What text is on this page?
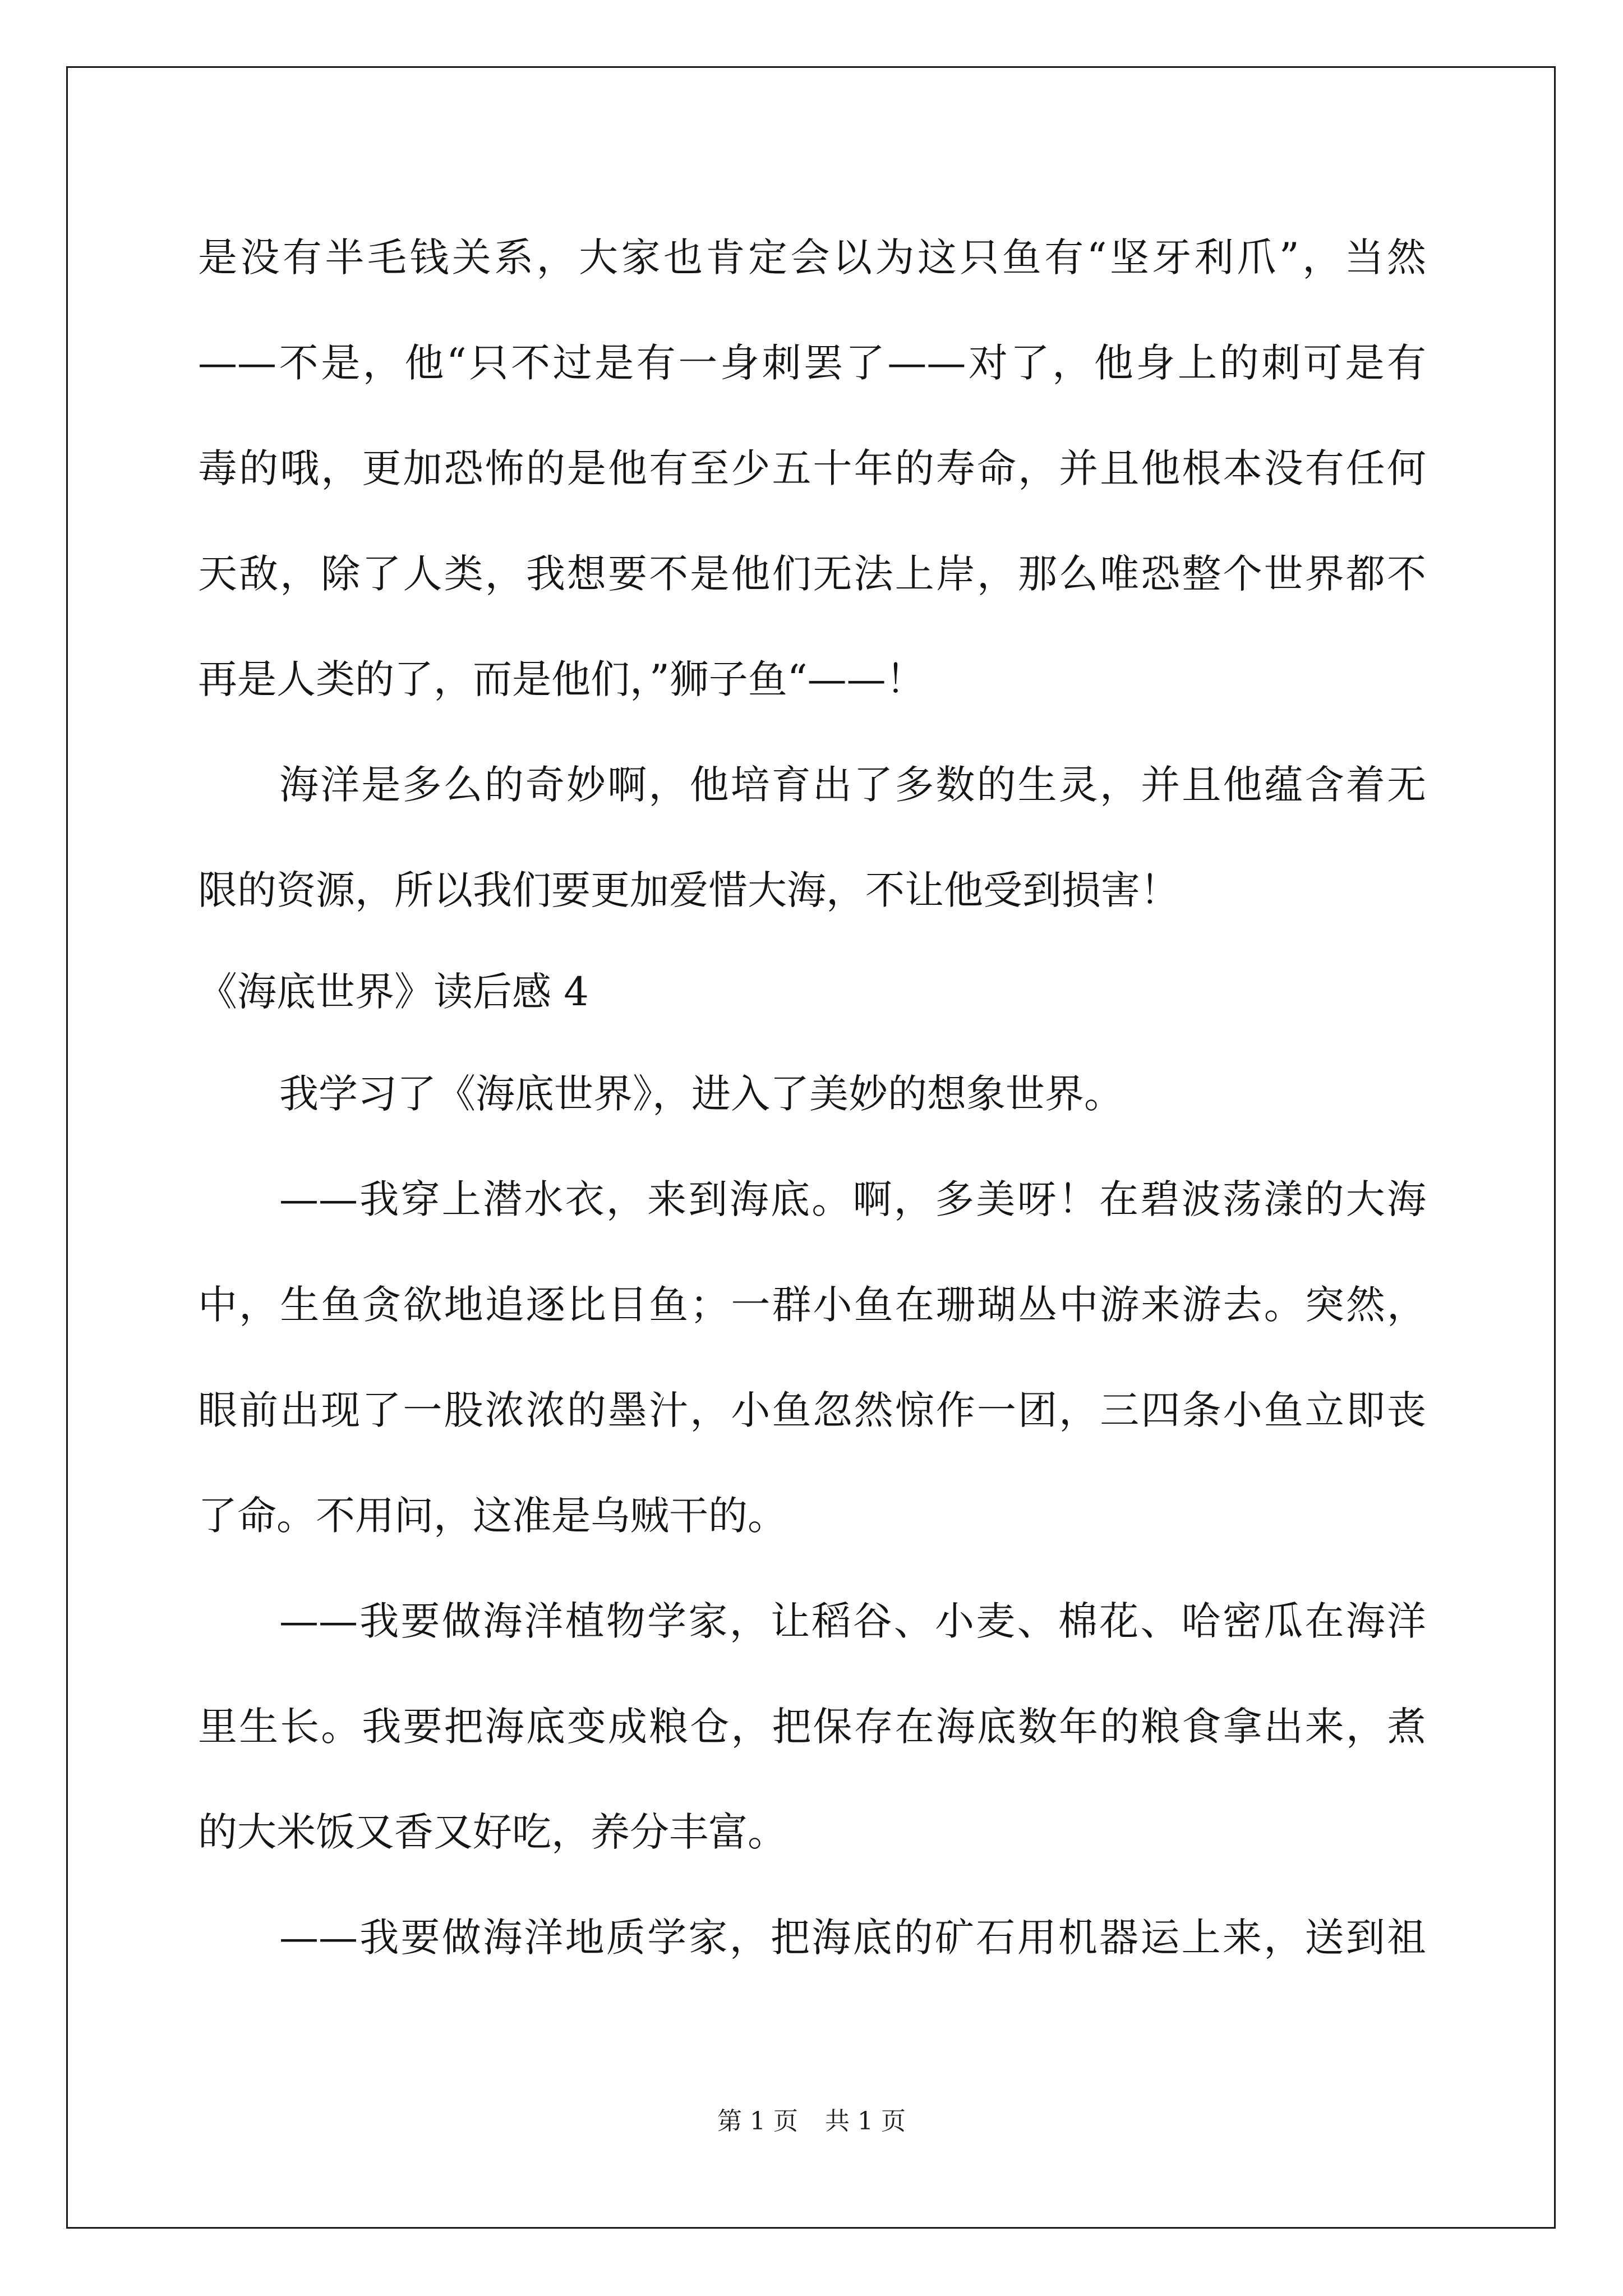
是没有半毛钱关系，大家也肯定会以为这只鱼有“坚牙利爪”，当然
——不是，他“只不过是有一身刺罢了——对了，他身上的刺可是有
毒的哦，更加恐怖的是他有至少五十年的寿命，并且他根本没有任何
天敌，除了人类，我想要不是他们无法上岸，那么唯恐整个世界都不
再是人类的了，而是他们，”狮子鱼“——！
海洋是多么的奇妙啊，他培育出了多数的生灵，并且他蕴含着无
限的资源，所以我们要更加爱惜大海，不让他受到损害！
《海底世界》读后感 4
我学习了《海底世界》，进入了美妙的想象世界。
——我穿上潜水衣，来到海底。啊，多美呀！在碧波荡漾的大海
中，生鱼贪欲地追逐比目鱼；一群小鱼在珊瑚丛中游来游去。突然，
眼前出现了一股浓浓的墨汁，小鱼忽然惊作一团，三四条小鱼立即丧
了命。不用问，这准是乌贼干的。
——我要做海洋植物学家，让稻谷、小麦、棉花、哈密瓜在海洋
里生长。我要把海底变成粮仓，把保存在海底数年的粮食拿出来，煮
的大米饭又香又好吃，养分丰富。
——我要做海洋地质学家，把海底的矿石用机器运上来，送到祖
第 1 页 共 1 页
